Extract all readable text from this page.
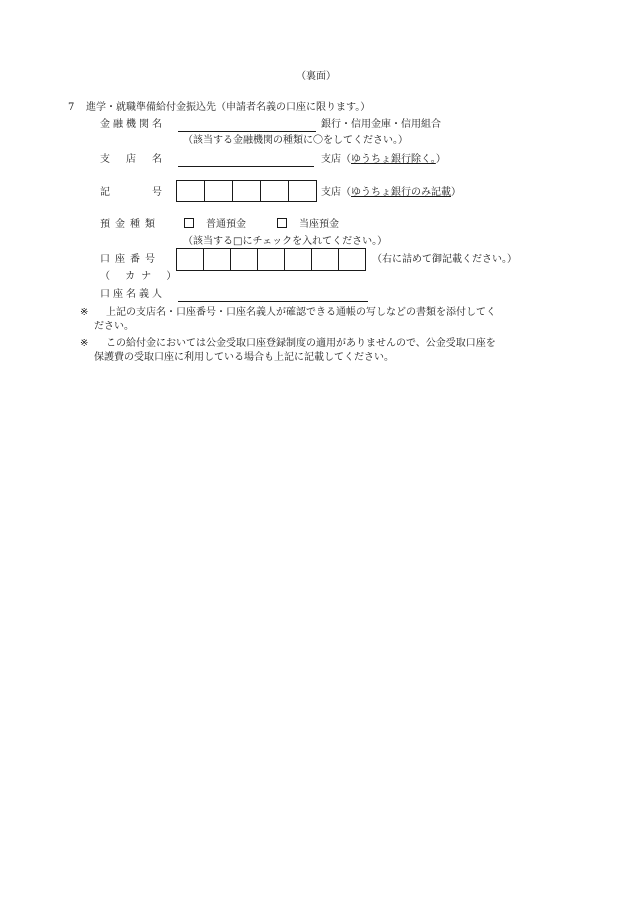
（裏面）
7 進学・就職準備給付金振込先（申請者名義の口座に限ります。）
金融機関名	銀行・信用金庫・信用組合
（該当する金融機関の種類に〇をしてください。）
支店名	支店（ゆうちょ銀行除く。）
記号	支店（ゆうちょ銀行のみ記載）
預金種類	普通預金	当座預金
（該当する□にチェックを入れてください。）
口座番号	（右に詰めて御記載ください。）
（ カナ ）
口座名義人
※ 上記の支店名・口座番号・口座名義人が確認できる通帳の写しなどの書類を添付してく
ださい。
※ この給付金においては公金受取口座登録制度の適用がありませんので、公金受取口座を
保護費の受取口座に利用している場合も上記に記載してください。
